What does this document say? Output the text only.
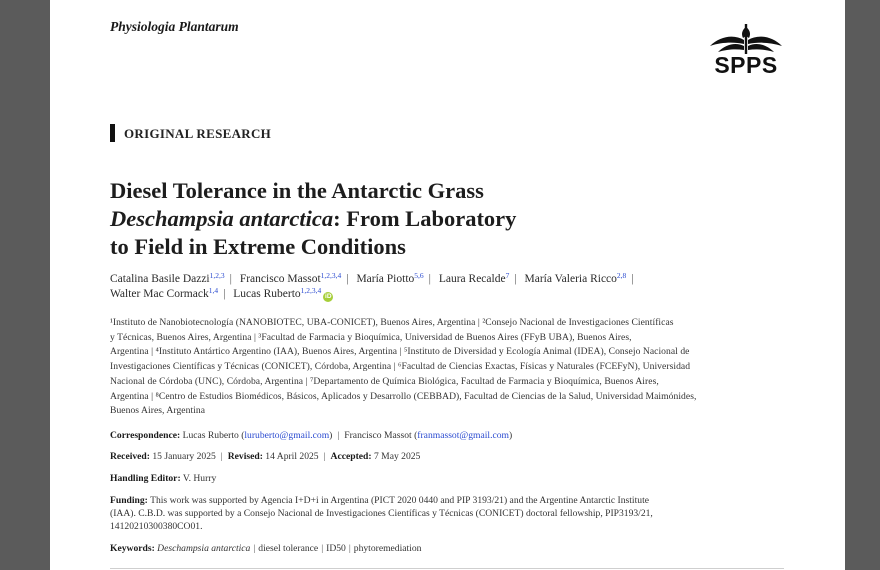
Physiologia Plantarum
SPPS
ORIGINAL RESEARCH
Diesel Tolerance in the Antarctic Grass
Deschampsia antarctica: From Laboratory
to Field in Extreme Conditions
Catalina Basile Dazzi$^{1,2,3}$ | Francisco Massot$^{1,2,3,4}$ | María Piotto$^{5,6}$ | Laura Recalde$^7$ | María Valeria Ricco$^{2,8}$ |
Walter Mac Cormack$^{1,4}$ | Lucas Ruberto$^{1,2,3,4}$iD
¹Instituto de Nanobiotecnología (NANOBIOTEC, UBA-CONICET), Buenos Aires, Argentina | ²Consejo Nacional de Investigaciones Científicas
y Técnicas, Buenos Aires, Argentina | ³Facultad de Farmacia y Bioquímica, Universidad de Buenos Aires (FFyB UBA), Buenos Aires,
Argentina | ⁴Instituto Antártico Argentino (IAA), Buenos Aires, Argentina | ⁵Instituto de Diversidad y Ecología Animal (IDEA), Consejo Nacional de
Investigaciones Científicas y Técnicas (CONICET), Córdoba, Argentina | ⁶Facultad de Ciencias Exactas, Físicas y Naturales (FCEFyN), Universidad
Nacional de Córdoba (UNC), Córdoba, Argentina | ⁷Departamento de Química Biológica, Facultad de Farmacia y Bioquímica, Buenos Aires,
Argentina | ⁸Centro de Estudios Biomédicos, Básicos, Aplicados y Desarrollo (CEBBAD), Facultad de Ciencias de la Salud, Universidad Maimónides,
Buenos Aires, Argentina
Correspondence: Lucas Ruberto (luruberto@gmail.com) | Francisco Massot (franmassot@gmail.com)
Received: 15 January 2025 | Revised: 14 April 2025 | Accepted: 7 May 2025
Handling Editor: V. Hurry
Funding: This work was supported by Agencia I+D+i in Argentina (PICT 2020 0440 and PIP 3193/21) and the Argentine Antarctic Institute
(IAA). C.B.D. was supported by a Consejo Nacional de Investigaciones Científicas y Técnicas (CONICET) doctoral fellowship, PIP3193/21,
14120210300380CO01.
Keywords: Deschampsia antarctica | diesel tolerance | ID50 | phytoremediation
